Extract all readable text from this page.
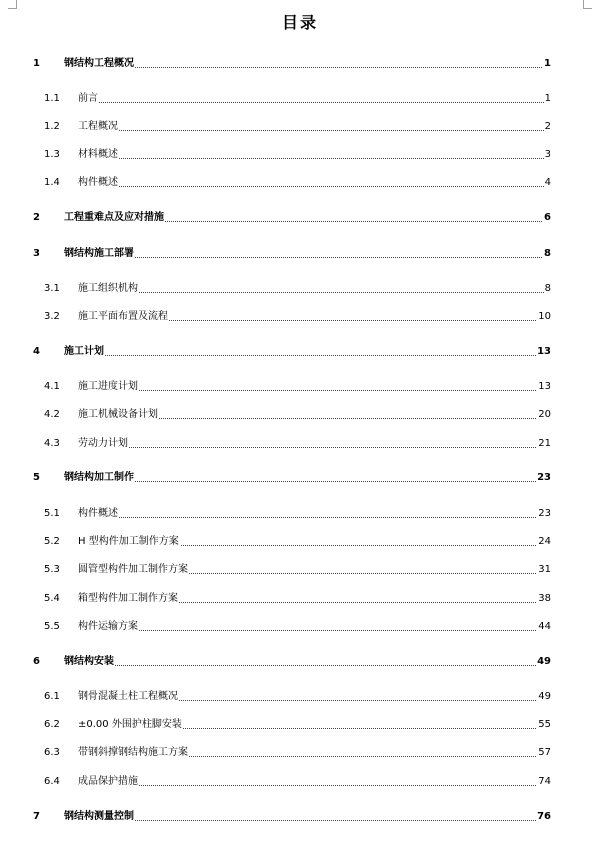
目录
1 钢结构工程概况	1
1.1 前言	1
1.2 工程概况	2
1.3 材料概述	3
1.4 构件概述	4
2 工程重难点及应对措施	6
3 钢结构施工部署	8
3.1 施工组织机构	8
3.2 施工平面布置及流程	10
4 施工计划	13
4.1 施工进度计划	13
4.2 施工机械设备计划	20
4.3 劳动力计划	21
5 钢结构加工制作	23
5.1 构件概述	23
5.2 H 型构件加工制作方案	24
5.3 圆管型构件加工制作方案	31
5.4 箱型构件加工制作方案	38
5.5 构件运输方案	44
6 钢结构安装	49
6.1 钢骨混凝土柱工程概况	49
6.2 ±0.00 外围护柱脚安装	55
6.3 带钢斜撑钢结构施工方案	57
6.4 成品保护措施	74
7 钢结构测量控制	76
